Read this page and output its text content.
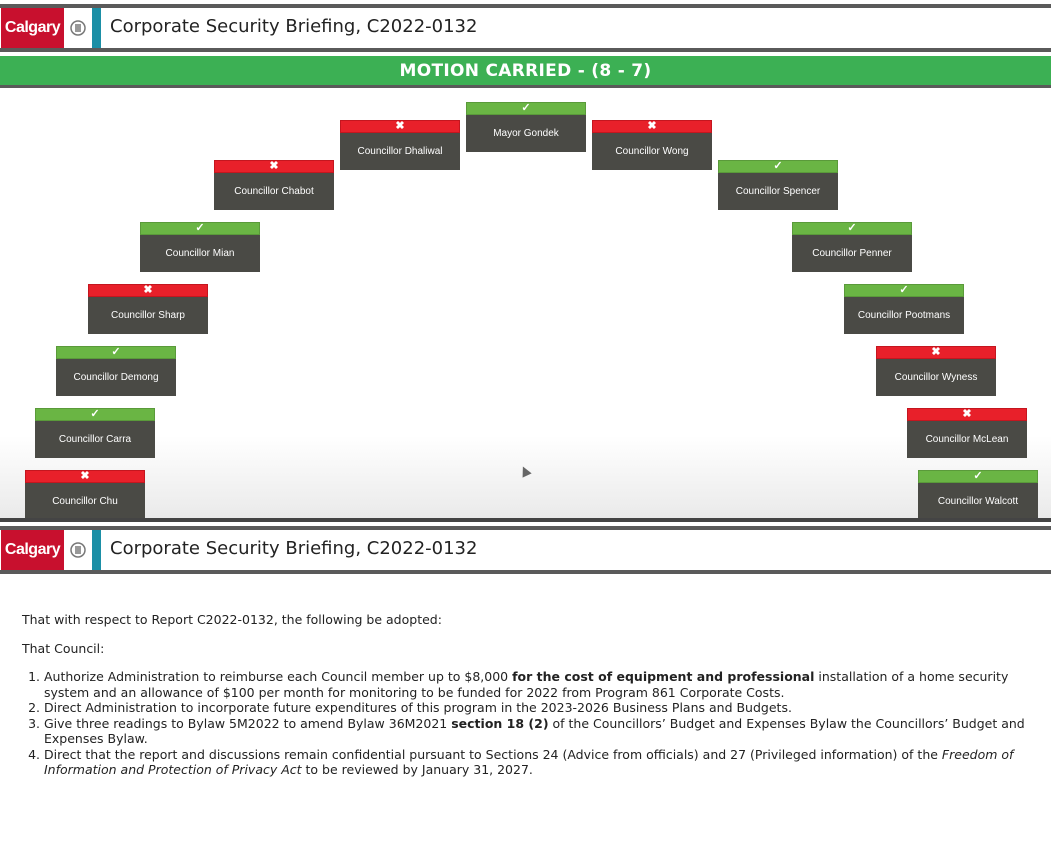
Calgary	Corporate Security Briefing, C2022-0132
MOTION CARRIED - (8 - 7)
✓
Mayor Gondek
✖
Councillor Dhaliwal
✖
Councillor Wong
✖
Councillor Chabot
✓
Councillor Spencer
✓
Councillor Mian
✓
Councillor Penner
✖
Councillor Sharp
✓
Councillor Pootmans
✓
Councillor Demong
✖
Councillor Wyness
✓
Councillor Carra
✖
Councillor McLean
✖
Councillor Chu
✓
Councillor Walcott
Calgary	Corporate Security Briefing, C2022-0132

That with respect to Report C2022-0132, the following be adopted:

That Council:

1. Authorize Administration to reimburse each Council member up to $8,000 for the cost of equipment and professional installation of a home security system and an allowance of $100 per month for monitoring to be funded for 2022 from Program 861 Corporate Costs.
2. Direct Administration to incorporate future expenditures of this program in the 2023-2026 Business Plans and Budgets.
3. Give three readings to Bylaw 5M2022 to amend Bylaw 36M2021 section 18 (2) of the Councillors’ Budget and Expenses Bylaw the Councillors’ Budget and Expenses Bylaw.
4. Direct that the report and discussions remain confidential pursuant to Sections 24 (Advice from officials) and 27 (Privileged information) of the Freedom of Information and Protection of Privacy Act to be reviewed by January 31, 2027.
